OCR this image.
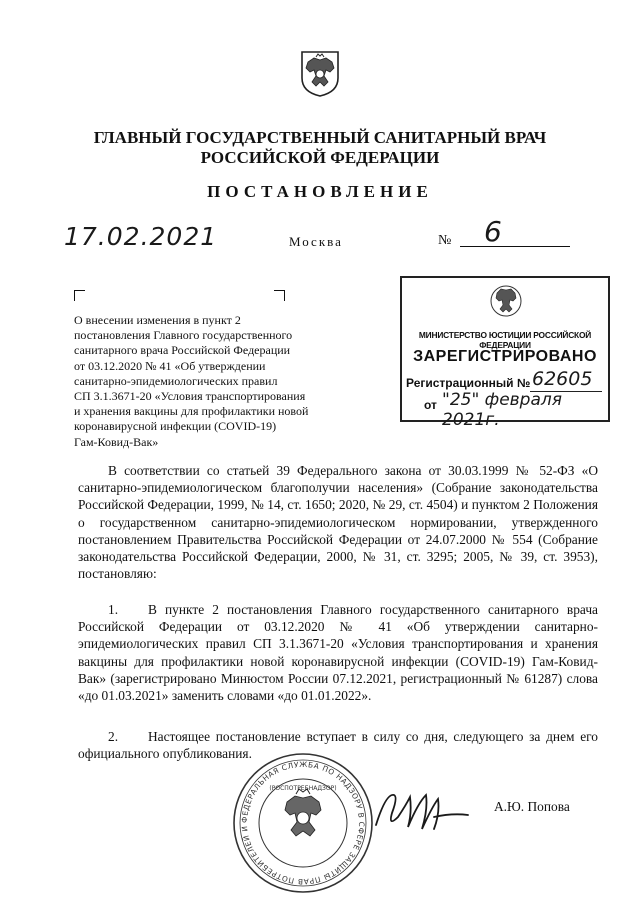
ГЛАВНЫЙ ГОСУДАРСТВЕННЫЙ САНИТАРНЫЙ ВРАЧ
РОССИЙСКОЙ ФЕДЕРАЦИИ
ПОСТАНОВЛЕНИЕ
17.02.2021	Москва	№ 6
О внесении изменения в пункт 2
постановления Главного государственного
санитарного врача Российской Федерации
от 03.12.2020 № 41 «Об утверждении
санитарно-эпидемиологических правил
СП 3.1.3671-20 «Условия транспортирования
и хранения вакцины для профилактики новой
коронавирусной инфекции (COVID-19)
Гам-Ковид-Вак»
МИНИСТЕРСТВО ЮСТИЦИИ РОССИЙСКОЙ ФЕДЕРАЦИИ
ЗАРЕГИСТРИРОВАНО
Регистрационный № 62605
от "25" февраля 2021г.
В соответствии со статьей 39 Федерального закона от 30.03.1999 № 52-ФЗ «О санитарно-эпидемиологическом благополучии населения» (Собрание законодательства Российской Федерации, 1999, № 14, ст. 1650; 2020, № 29, ст. 4504) и пунктом 2 Положения о государственном санитарно-эпидемиологическом нормировании, утвержденного постановлением Правительства Российской Федерации от 24.07.2000 № 554 (Собрание законодательства Российской Федерации, 2000, № 31, ст. 3295; 2005, № 39, ст. 3953), постановляю:
1. В пункте 2 постановления Главного государственного санитарного врача Российской Федерации от 03.12.2020 № 41 «Об утверждении санитарно-эпидемиологических правил СП 3.1.3671-20 «Условия транспортирования и хранения вакцины для профилактики новой коронавирусной инфекции (COVID-19) Гам-Ковид-Вак» (зарегистрировано Минюстом России 07.12.2021, регистрационный № 61287) слова «до 01.03.2021» заменить словами «до 01.01.2022».
2. Настоящее постановление вступает в силу со дня, следующего за днем его официального опубликования.
ФЕДЕРАЛЬНАЯ СЛУЖБА ПО НАДЗОРУ В СФЕРЕ ЗАЩИТЫ ПРАВ ПОТРЕБИТЕЛЕЙ И
(РОСПОТРЕБНАДЗОР)
А.Ю. Попова
